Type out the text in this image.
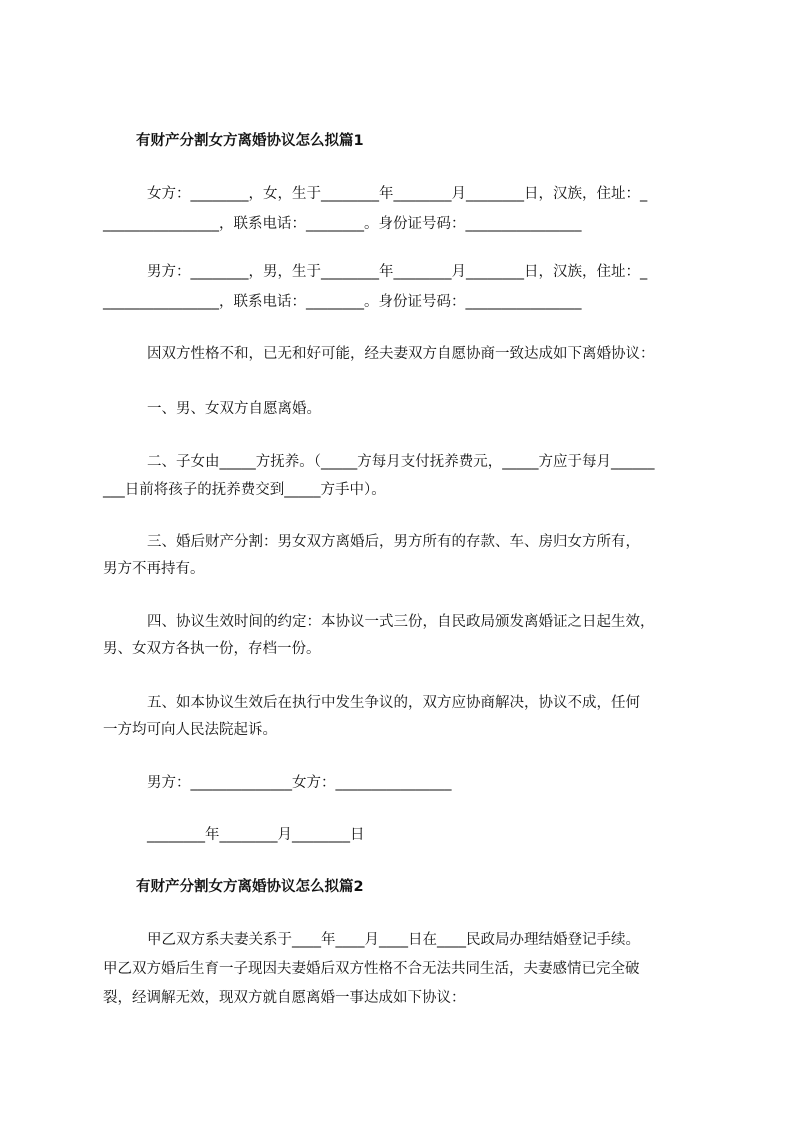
有财产分割女方离婚协议怎么拟篇1
女方：________，女，生于________年________月________日，汉族，住址：_
________________，联系电话：________。身份证号码：________________
男方：________，男，生于________年________月________日，汉族，住址：_
________________，联系电话：________。身份证号码：________________
因双方性格不和，已无和好可能，经夫妻双方自愿协商一致达成如下离婚协议：
一、男、女双方自愿离婚。
二、子女由_____方抚养。（_____方每月支付抚养费元，_____方应于每月______
___日前将孩子的抚养费交到_____方手中）。
三、婚后财产分割：男女双方离婚后，男方所有的存款、车、房归女方所有，
男方不再持有。
四、协议生效时间的约定：本协议一式三份，自民政局颁发离婚证之日起生效，
男、女双方各执一份，存档一份。
五、如本协议生效后在执行中发生争议的，双方应协商解决，协议不成，任何
一方均可向人民法院起诉。
男方：______________女方：________________
________年________月________日
有财产分割女方离婚协议怎么拟篇2
甲乙双方系夫妻关系于____年____月____日在____民政局办理结婚登记手续。
甲乙双方婚后生育一子现因夫妻婚后双方性格不合无法共同生活，夫妻感情已完全破
裂，经调解无效，现双方就自愿离婚一事达成如下协议：
